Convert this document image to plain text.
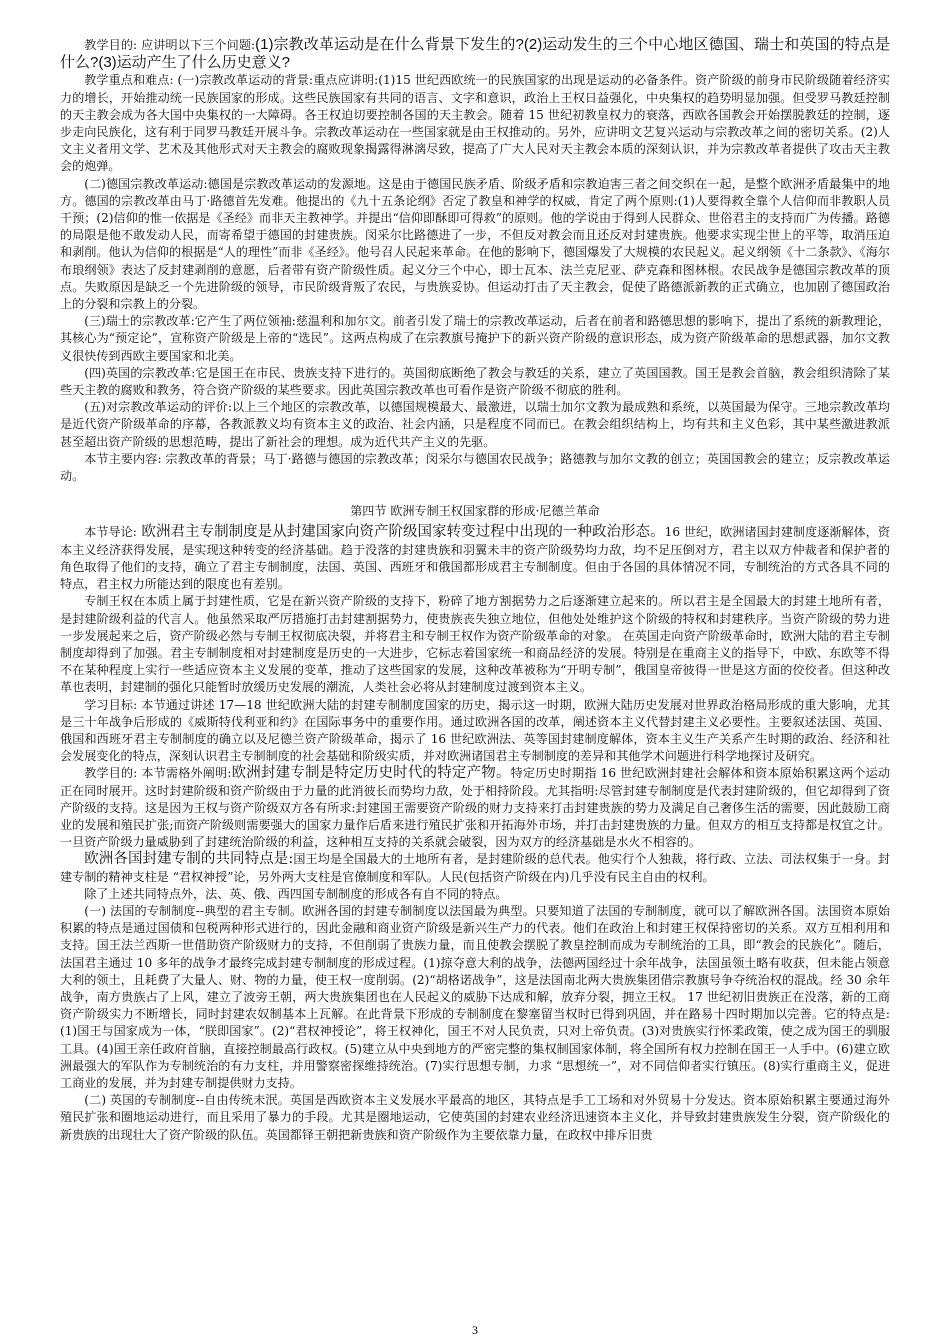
教学目的: 应讲明以下三个问题:(1)宗教改革运动是在什么背景下发生的?(2)运动发生的三个中心地区德国、瑞士和英国的特点是什么?(3)运动产生了什么历史意义?

教学重点和难点: (一)宗教改革运动的背景:重点应讲明:(1)15 世纪西欧统一的民族国家的出现是运动的必备条件。资产阶级的前身市民阶级随着经济实力的增长，开始推动统一民族国家的形成。这些民族国家有共同的语言、文字和意识，政治上王权日益强化，中央集权的趋势明显加强。但受罗马教廷控制的天主教会成为各大国中央集权的一大障碍。各王权迫切要控制各国的天主教会。随着 15 世纪初教皇权力的衰落，西欧各国教会开始摆脱教廷的控制，逐步走向民族化，这有利于同罗马教廷开展斗争。宗教改革运动在一些国家就是由王权推动的。另外，应讲明文艺复兴运动与宗教改革之间的密切关系。(2)人文主义者用文学、艺术及其他形式对天主教会的腐败现象揭露得淋漓尽致，提高了广大人民对天主教会本质的深刻认识，并为宗教改革者提供了攻击天主教会的炮弹。

(二)德国宗教改革运动:德国是宗教改革运动的发源地。这是由于德国民族矛盾、阶级矛盾和宗教迫害三者之间交织在一起，是整个欧洲矛盾最集中的地方。德国的宗教改革由马丁·路德首先发难。他提出的《九十五条论纲》否定了教皇和神学的权威，肯定了两个原则:(1)人要得救全靠个人信仰而非教职人员干预；(2)信仰的惟一依据是《圣经》而非天主教神学。并提出“信仰即酥即可得救”的原则。他的学说由于得到人民群众、世俗君主的支持而广为传播。路德的局限是他不敢发动人民，而寄希望于德国的封建贵族。闵采尔比路德进了一步，不但反对教会而且还反对封建贵族。他要求实现尘世上的平等，取消压迫和剥削。他认为信仰的根据是“人的理性”而非《圣经》。他号召人民起来革命。在他的影响下，德国爆发了大规模的农民起义。起义纲领《十二条款》、《海尔布琅纲领》表达了反封建剥削的意愿，后者带有资产阶级性质。起义分三个中心，即士瓦本、法兰克尼亚、萨克森和图林根。农民战争是德国宗教改革的顶点。失败原因是缺乏一个先进阶级的领导，市民阶级背叛了农民，与贵族妥协。但运动打击了天主教会，促使了路德派新教的正式确立，也加剧了德国政治上的分裂和宗教上的分裂。

(三)瑞士的宗教改革:它产生了两位领袖:慈温利和加尔文。前者引发了瑞士的宗教改革运动，后者在前者和路德思想的影响下，提出了系统的新教理论，其核心为“预定论”，宣称资产阶级是上帝的“选民”。这两点构成了在宗教旗号掩护下的新兴资产阶级的意识形态，成为资产阶级革命的思想武器，加尔文教义很快传到西欧主要国家和北美。

(四)英国的宗教改革:它是国王在市民、贵族支持下进行的。英国彻底断绝了教会与教廷的关系，建立了英国国教。国王是教会首脑，教会组织清除了某些天主教的腐败和教务，符合资产阶级的某些要求。因此英国宗教改革也可看作是资产阶级不彻底的胜利。

(五)对宗教改革运动的评价:以上三个地区的宗教改革，以德国规模最大、最激进，以瑞士加尔文教为最成熟和系统，以英国最为保守。三地宗教改革均是近代资产阶级革命的序幕，各教派教义均有资本主义的政治、社会内涵，只是程度不同而已。在教会组织结构上，均有共和主义色彩，其中某些激进教派甚至超出资产阶级的思想范畴，提出了新社会的理想。成为近代共产主义的先驱。

本节主要内容: 宗教改革的背景；马丁·路德与德国的宗教改革；闵采尔与德国农民战争；路德教与加尔文教的创立；英国国教会的建立；反宗教改革运动。

第四节 欧洲专制王权国家群的形成·尼德兰革命

本节导论: 欧洲君主专制制度是从封建国家向资产阶级国家转变过程中出现的一种政治形态。16 世纪，欧洲诸国封建制度逐渐解体，资本主义经济获得发展，是实现这种转变的经济基础。趋于没落的封建贵族和羽翼未丰的资产阶级势均力敌，均不足压倒对方，君主以双方仲裁者和保护者的角色取得了他们的支持，确立了君主专制制度，法国、英国、西班牙和俄国都形成君主专制制度。但由于各国的具体情况不同，专制统治的方式各具不同的特点，君主权力所能达到的限度也有差别。

专制王权在本质上属于封建性质，它是在新兴资产阶级的支持下，粉碎了地方割据势力之后逐渐建立起来的。所以君主是全国最大的封建土地所有者，是封建阶级利益的代言人。他虽然采取严厉措施打击封建割据势力，使贵族丧失独立地位，但他处处维护这个阶级的特权和封建秩序。当资产阶级的势力进一步发展起来之后，资产阶级必然与专制王权彻底决裂，并将君主和专制王权作为资产阶级革命的对象。 在英国走向资产阶级革命时，欧洲大陆的君主专制制度却得到了加强。君主专制制度相对封建制度是历史的一大进步，它标志着国家统一和商品经济的发展。特别是在重商主义的指导下，中欧、东欧等不得不在某种程度上实行一些适应资本主义发展的变革，推动了这些国家的发展，这种改革被称为“开明专制”，俄国皇帝彼得一世是这方面的佼佼者。但这种改革也表明，封建制的强化只能暂时放缓历史发展的潮流，人类社会必将从封建制度过渡到资本主义。

学习目标: 本节通过讲述 17—18 世纪欧洲大陆的封建专制制度国家的历史，揭示这一时期，欧洲大陆历史发展对世界政治格局形成的重大影响，尤其是三十年战争后形成的《威斯特伐利亚和约》在国际事务中的重要作用。通过欧洲各国的改革，阐述资本主义代替封建主义必要性。主要叙述法国、英国、俄国和西班牙君主专制制度的确立以及尼德兰资产阶级革命，揭示了 16 世纪欧洲法、英等国封建制度解体，资本主义生产关系产生时期的政治、经济和社会发展变化的特点，深刻认识君主专制制度的社会基础和阶级实质，并对欧洲诸国君主专制制度的差异和其他学术问题进行科学地探讨及研究。

教学目的: 本节需格外阐明:欧洲封建专制是特定历史时代的特定产物。特定历史时期指 16 世纪欧洲封建社会解体和资本原始积累这两个运动正在同时展开。这时封建阶级和资产阶级由于力量的此消彼长而势均力敌，处于相持阶段。尤其指明:尽管封建专制制度是代表封建阶级的，但它却得到了资产阶级的支持。这是因为王权与资产阶级双方各有所求:封建国王需要资产阶级的财力支持来打击封建贵族的势力及满足自己奢侈生活的需要，因此鼓励工商业的发展和殖民扩张;而资产阶级则需要强大的国家力量作后盾来进行殖民扩张和开拓海外市场，并打击封建贵族的力量。但双方的相互支持都是权宜之计。一旦资产阶级力量威胁到了封建统治阶级的利益，这种相互支持的关系就会破裂，因为双方的经济基础是水火不相容的。

欧洲各国封建专制的共同特点是:国王均是全国最大的土地所有者，是封建阶级的总代表。他实行个人独裁，将行政、立法、司法权集于一身。封建专制的精神支柱是 “君权神授”论，另外两大支柱是官僚制度和军队。人民(包括资产阶级在内)几乎没有民主自由的权利。

除了上述共同特点外，法、英、俄、西四国专制制度的形成各有自不同的特点。

(一) 法国的专制制度--典型的君主专制。欧洲各国的封建专制制度以法国最为典型。只要知道了法国的专制制度，就可以了解欧洲各国。法国资本原始积累的特点是通过国债和包税两种形式进行的，因此金融和商业资产阶级是新兴生产力的代表。他们在政治上和封建王权保持密切的关系。双方互相利用和支持。国王法兰西斯一世借助资产阶级财力的支持，不但削弱了贵族力量，而且使教会摆脱了教皇控制而成为专制统治的工具，即“教会的民族化”。随后，法国君主通过 10 多年的战争才最终完成封建专制制度的形成过程。(1)掠夺意大利的战争，法德两国经过十余年战争，法国虽领土略有收获，但未能占领意大利的领土，且耗费了大量人、财、物的力量，使王权一度削弱。(2)“胡格诺战争”，这是法国南北两大贵族集团借宗教旗号争夺统治权的混战。经 30 余年战争，南方贵族占了上风，建立了波旁王朝，两大贵族集团也在人民起义的威胁下达成和解，放弃分裂，拥立王权。 17 世纪初旧贵族正在没落，新的工商资产阶级实力不断增长，同时封建农奴制基本上瓦解。在此背景下形成的专制制度在黎塞留当权时已得到巩固，并在路易十四时期加以完善。它的特点是:(1)国王与国家成为一体，“朕即国家”。(2)“君权神授论”，将王权神化，国王不对人民负责，只对上帝负责。(3)对贵族实行怀柔政策，使之成为国王的驯服工具。(4)国王亲任政府首脑，直接控制最高行政权。(5)建立从中央到地方的严密完整的集权制国家体制，将全国所有权力控制在国王一人手中。(6)建立欧洲最强大的军队作为专制统治的有力支柱，并用警察密探维持统治。(7)实行思想专制，力求 “思想统一”，对不同信仰者实行镇压。(8)实行重商主义，促进工商业的发展，并为封建专制提供财力支持。

(二) 英国的专制制度--自由传统未泯。英国是西欧资本主义发展水平最高的地区，其特点是手工工场和对外贸易十分发达。资本原始积累主要通过海外殖民扩张和圈地运动进行，而且采用了暴力的手段。尤其是圈地运动，它使英国的封建农业经济迅速资本主义化，并导致封建贵族发生分裂，资产阶级化的新贵族的出现壮大了资产阶级的队伍。英国都铎王朝把新贵族和资产阶级作为主要依靠力量，在政权中排斥旧贵

3
